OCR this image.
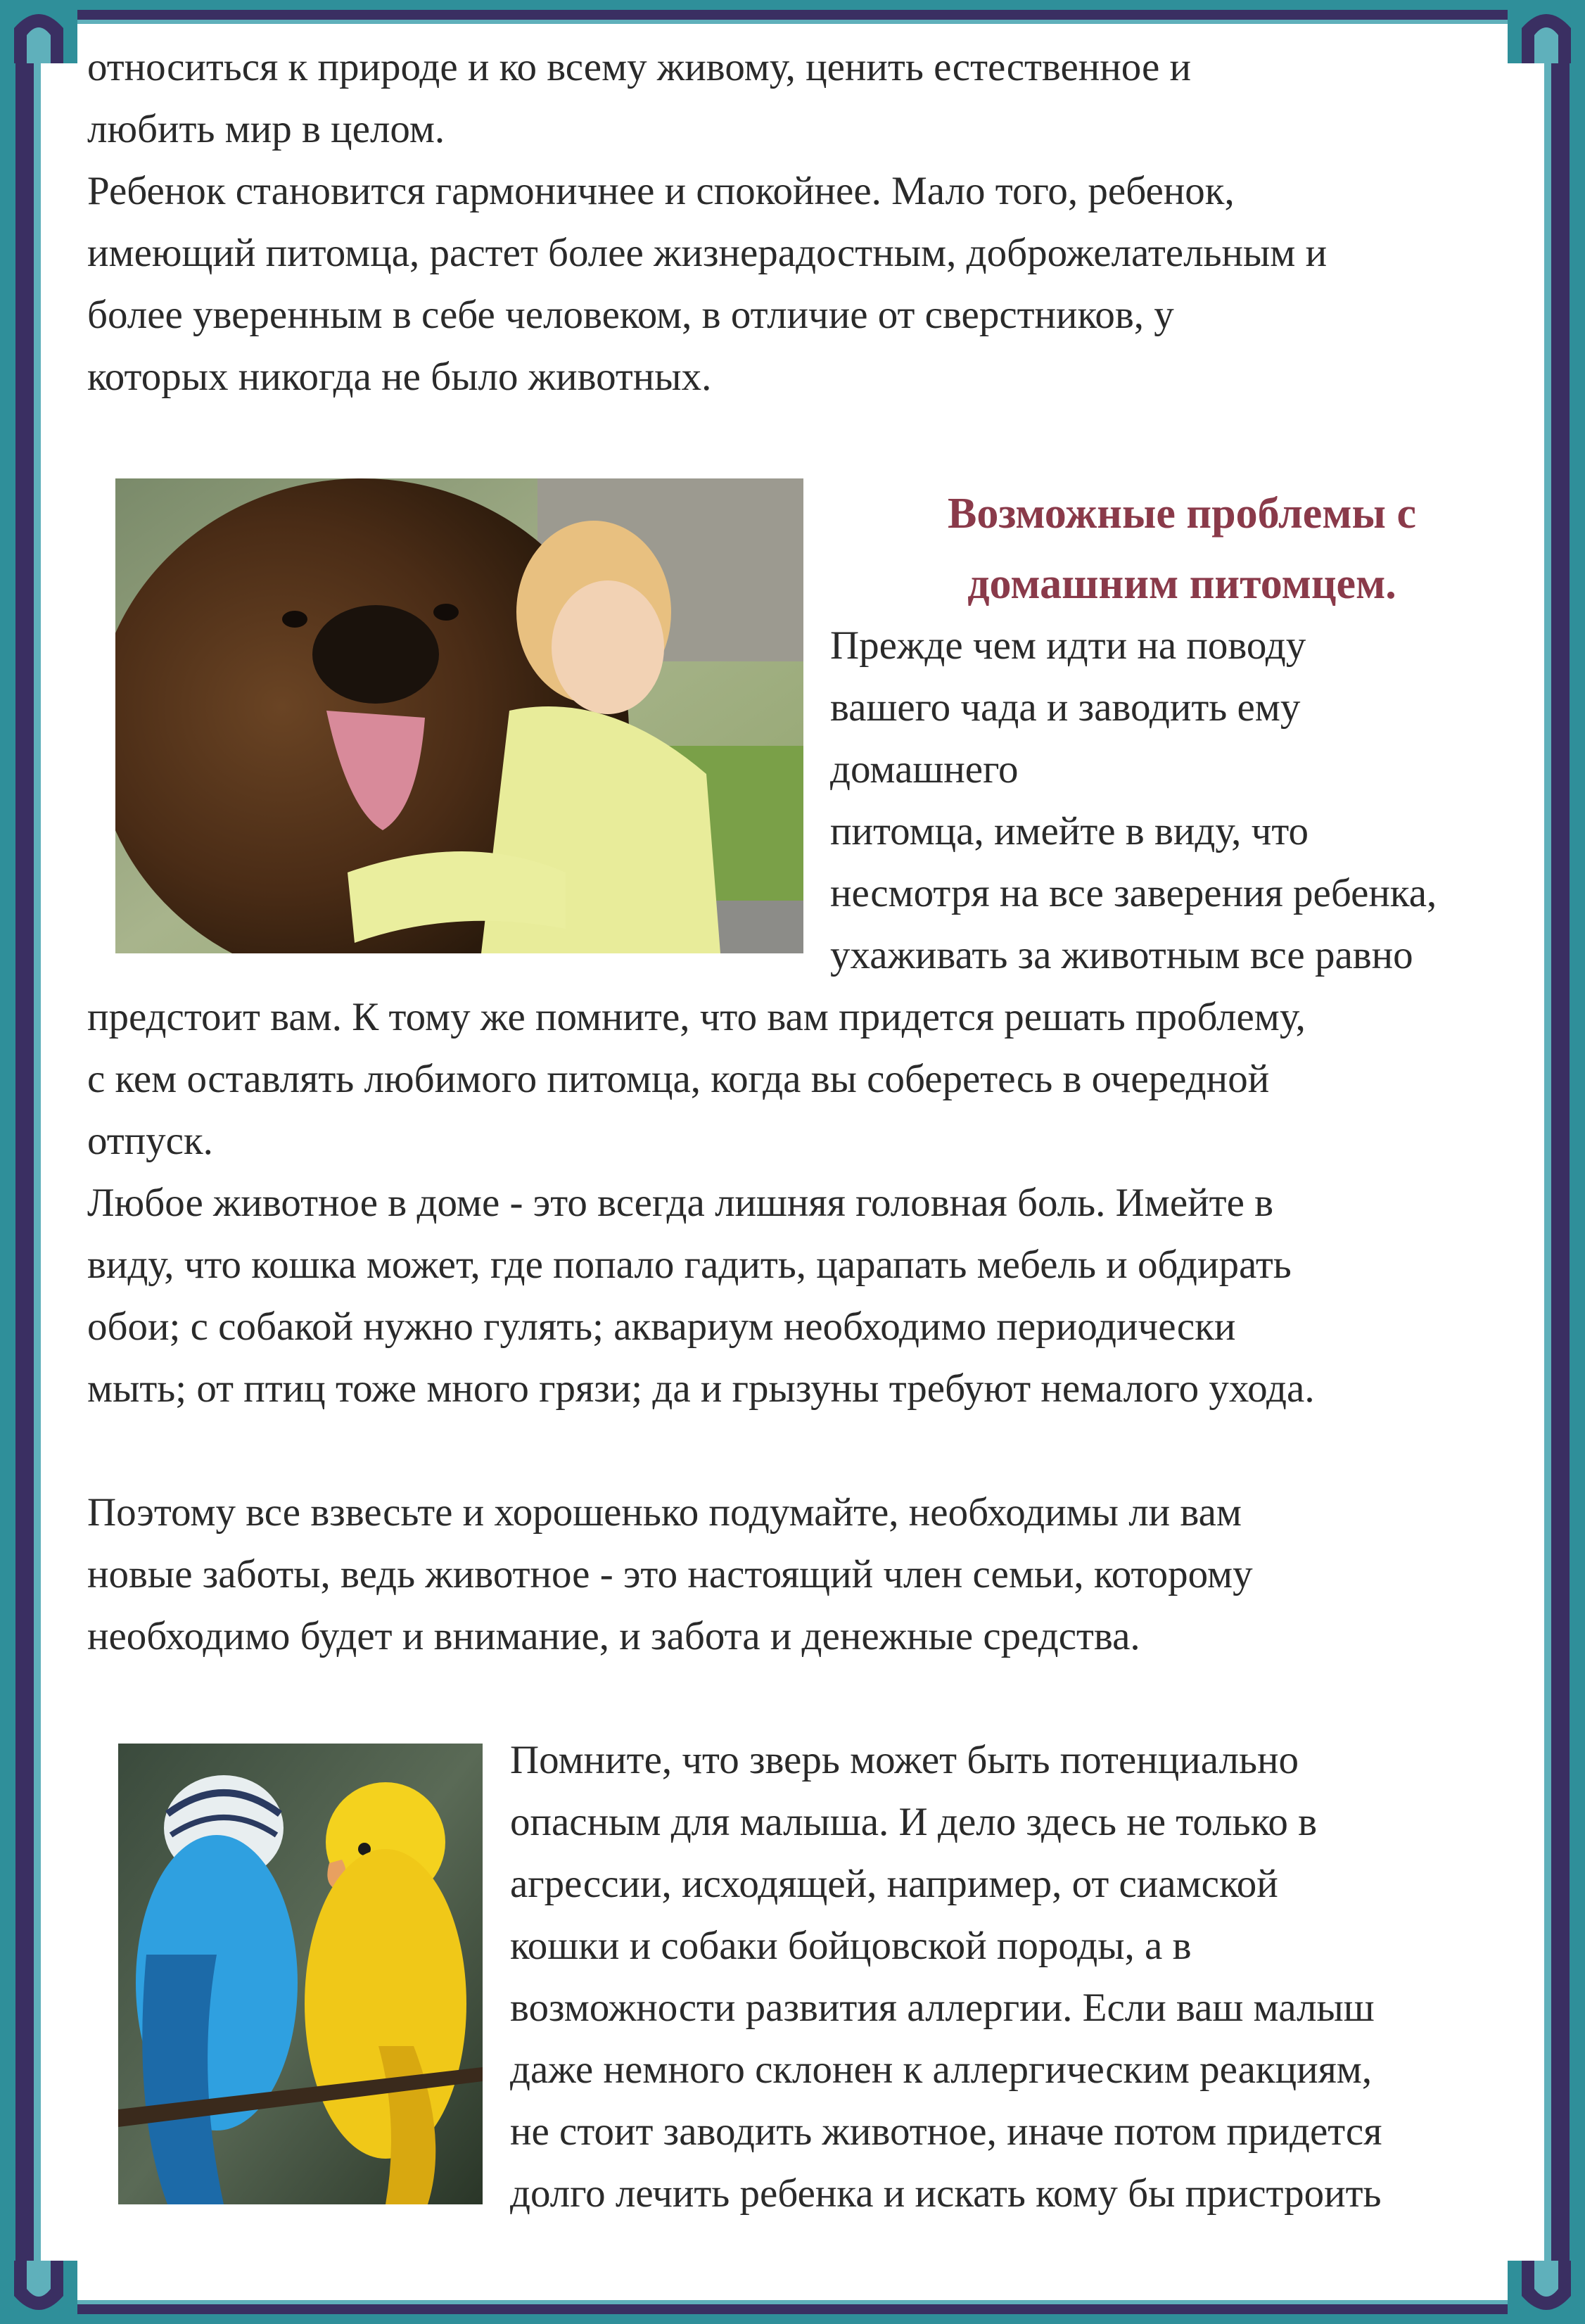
относиться к природе и ко всему живому, ценить естественное и
любить мир в целом.

Ребенок становится гармоничнее и спокойнее. Мало того, ребенок,
имеющий питомца, растет более жизнерадостным, доброжелательным и
более уверенным в себе человеком, в отличие от сверстников, у
которых никогда не было животных.

Возможные проблемы с
домашним питомцем.

Прежде чем идти на поводу
вашего чада и заводить ему
домашнего
питомца, имейте в виду, что
несмотря на все заверения ребенка,
ухаживать за животным все равно

предстоит вам. К тому же помните, что вам придется решать проблему,
с кем оставлять любимого питомца, когда вы соберетесь в очередной
отпуск.

Любое животное в доме - это всегда лишняя головная боль. Имейте в
виду, что кошка может, где попало гадить, царапать мебель и обдирать
обои; с собакой нужно гулять; аквариум необходимо периодически
мыть; от птиц тоже много грязи; да и грызуны требуют немалого ухода.

Поэтому все взвесьте и хорошенько подумайте, необходимы ли вам
новые заботы, ведь животное - это настоящий член семьи, которому
необходимо будет и внимание, и забота и денежные средства.

Помните, что зверь может быть потенциально
опасным для малыша. И дело здесь не только в
агрессии, исходящей, например, от сиамской
кошки и собаки бойцовской породы, а в
возможности развития аллергии. Если ваш малыш
даже немного склонен к аллергическим реакциям,
не стоит заводить животное, иначе потом придется
долго лечить ребенка и искать кому бы пристроить
